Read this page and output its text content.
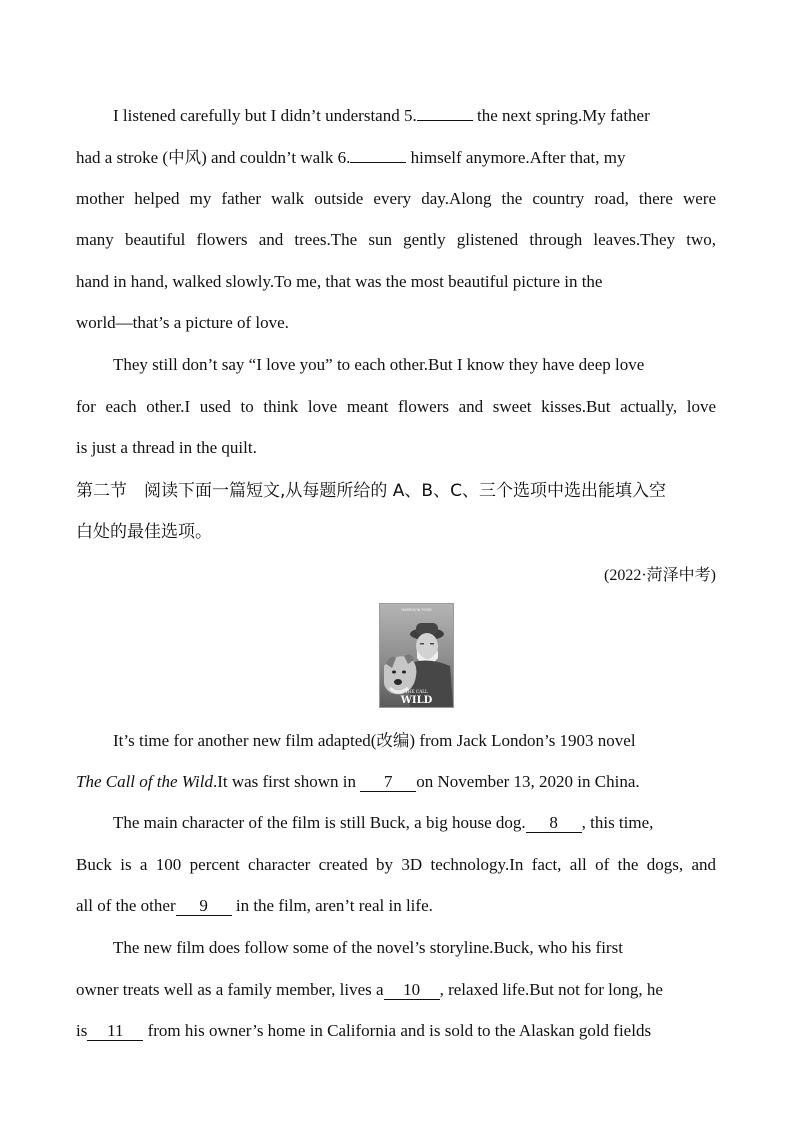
I listened carefully but I didn’t understand 5.	the next spring.My father
had a stroke (中风) and couldn’t walk 6.	himself anymore.After that, my
mother helped my father walk outside every day.Along the country road, there were
many beautiful flowers and trees.The sun gently glistened through leaves.They two,
hand in hand, walked slowly.To me, that was the most beautiful picture in the
world—that’s a picture of love.
They still don’t say “I love you” to each other.But I know they have deep love
for each other.I used to think love meant flowers and sweet kisses.But actually, love
is just a thread in the quilt.
第二节　阅读下面一篇短文,从每题所给的 A、B、C、三个选项中选出能填入空
白处的最佳选项。
(2022·菏泽中考)
HARRISON FORD
THE CALL
WILD
It’s time for another new film adapted(改编) from Jack London’s 1903 novel
The Call of the Wild.It was first shown in 7 on November 13, 2020 in China.
The main character of the film is still Buck, a big house dog. 8 , this time,
Buck is a 100 percent character created by 3D technology.In fact, all of the dogs, and
all of the other 9 in the film, aren’t real in life.
The new film does follow some of the novel’s storyline.Buck, who his first
owner treats well as a family member, lives a 10 , relaxed life.But not for long, he
is 11 from his owner’s home in California and is sold to the Alaskan gold fields
